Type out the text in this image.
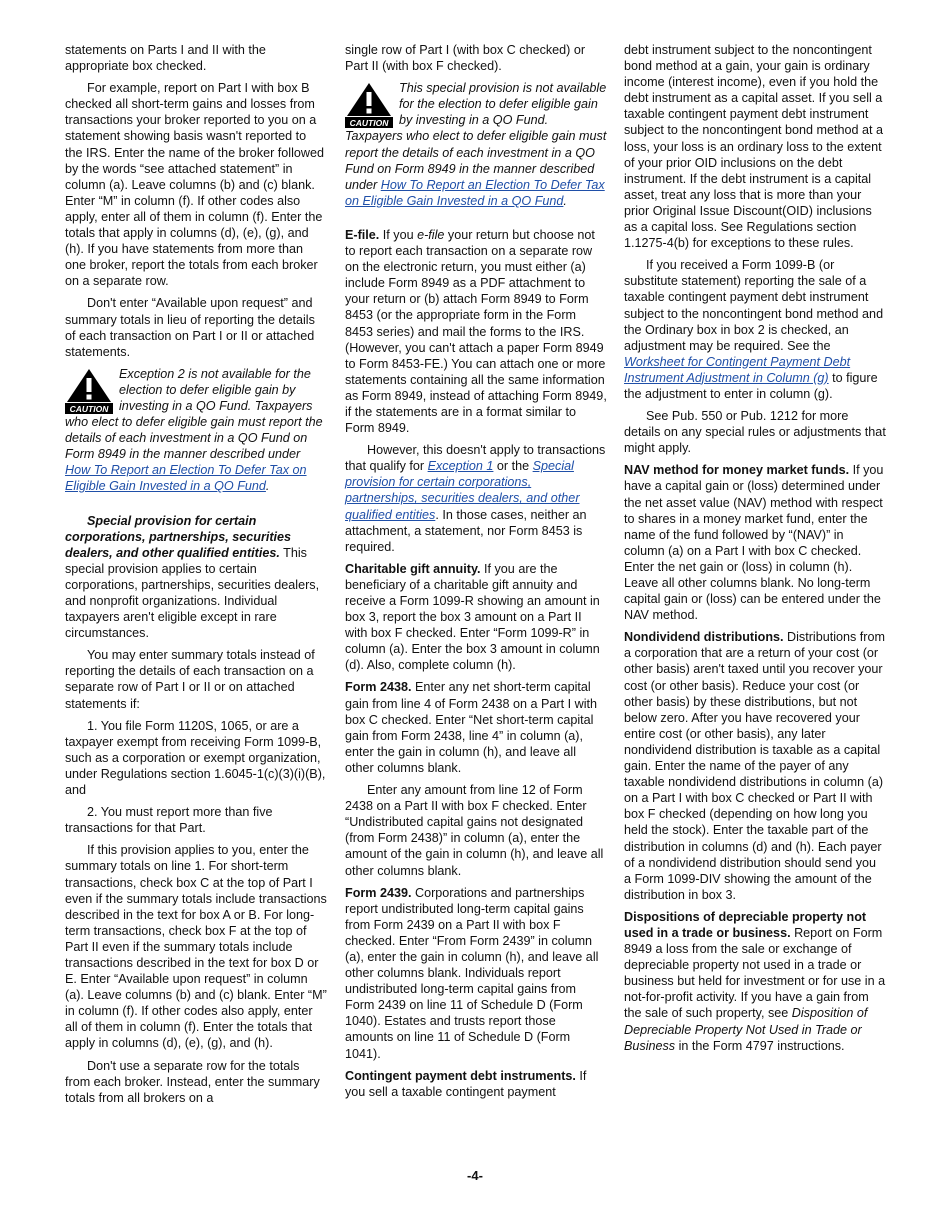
statements on Parts I and II with the appropriate box checked.

For example, report on Part I with box B checked all short-term gains and losses from transactions your broker reported to you on a statement showing basis wasn't reported to the IRS. Enter the name of the broker followed by the words “see attached statement” in column (a). Leave columns (b) and (c) blank. Enter “M” in column (f). If other codes also apply, enter all of them in column (f). Enter the totals that apply in columns (d), (e), (g), and (h). If you have statements from more than one broker, report the totals from each broker on a separate row.

Don't enter “Available upon request” and summary totals in lieu of reporting the details of each transaction on Part I or II or attached statements.

CAUTION
Exception 2 is not available for the election to defer eligible gain by investing in a QO Fund. Taxpayers who elect to defer eligible gain must report the details of each investment in a QO Fund on Form 8949 in the manner described under How To Report an Election To Defer Tax on Eligible Gain Invested in a QO Fund.

Special provision for certain corporations, partnerships, securities dealers, and other qualified entities. This special provision applies to certain corporations, partnerships, securities dealers, and nonprofit organizations. Individual taxpayers aren't eligible except in rare circumstances.

You may enter summary totals instead of reporting the details of each transaction on a separate row of Part I or II or on attached statements if:

1. You file Form 1120S, 1065, or are a taxpayer exempt from receiving Form 1099-B, such as a corporation or exempt organization, under Regulations section 1.6045-1(c)(3)(i)(B), and

2. You must report more than five transactions for that Part.

If this provision applies to you, enter the summary totals on line 1. For short-term transactions, check box C at the top of Part I even if the summary totals include transactions described in the text for box A or B. For long-term transactions, check box F at the top of Part II even if the summary totals include transactions described in the text for box D or E. Enter “Available upon request” in column (a). Leave columns (b) and (c) blank. Enter “M” in column (f). If other codes also apply, enter all of them in column (f). Enter the totals that apply in columns (d), (e), (g), and (h).

Don't use a separate row for the totals from each broker. Instead, enter the summary totals from all brokers on a

single row of Part I (with box C checked) or Part II (with box F checked).

CAUTION
This special provision is not available for the election to defer eligible gain by investing in a QO Fund. Taxpayers who elect to defer eligible gain must report the details of each investment in a QO Fund on Form 8949 in the manner described under How To Report an Election To Defer Tax on Eligible Gain Invested in a QO Fund.

E-file. If you e-file your return but choose not to report each transaction on a separate row on the electronic return, you must either (a) include Form 8949 as a PDF attachment to your return or (b) attach Form 8949 to Form 8453 (or the appropriate form in the Form 8453 series) and mail the forms to the IRS. (However, you can't attach a paper Form 8949 to Form 8453-FE.) You can attach one or more statements containing all the same information as Form 8949, instead of attaching Form 8949, if the statements are in a format similar to Form 8949.

However, this doesn't apply to transactions that qualify for Exception 1 or the Special provision for certain corporations, partnerships, securities dealers, and other qualified entities. In those cases, neither an attachment, a statement, nor Form 8453 is required.

Charitable gift annuity. If you are the beneficiary of a charitable gift annuity and receive a Form 1099-R showing an amount in box 3, report the box 3 amount on a Part II with box F checked. Enter “Form 1099-R” in column (a). Enter the box 3 amount in column (d). Also, complete column (h).

Form 2438. Enter any net short-term capital gain from line 4 of Form 2438 on a Part I with box C checked. Enter “Net short-term capital gain from Form 2438, line 4” in column (a), enter the gain in column (h), and leave all other columns blank.

Enter any amount from line 12 of Form 2438 on a Part II with box F checked. Enter “Undistributed capital gains not designated (from Form 2438)” in column (a), enter the amount of the gain in column (h), and leave all other columns blank.

Form 2439. Corporations and partnerships report undistributed long-term capital gains from Form 2439 on a Part II with box F checked. Enter “From Form 2439” in column (a), enter the gain in column (h), and leave all other columns blank. Individuals report undistributed long-term capital gains from Form 2439 on line 11 of Schedule D (Form 1040). Estates and trusts report those amounts on line 11 of Schedule D (Form 1041).

Contingent payment debt instruments. If you sell a taxable contingent payment

debt instrument subject to the noncontingent bond method at a gain, your gain is ordinary income (interest income), even if you hold the debt instrument as a capital asset. If you sell a taxable contingent payment debt instrument subject to the noncontingent bond method at a loss, your loss is an ordinary loss to the extent of your prior OID inclusions on the debt instrument. If the debt instrument is a capital asset, treat any loss that is more than your prior Original Issue Discount(OID) inclusions as a capital loss. See Regulations section 1.1275-4(b) for exceptions to these rules.

If you received a Form 1099-B (or substitute statement) reporting the sale of a taxable contingent payment debt instrument subject to the noncontingent bond method and the Ordinary box in box 2 is checked, an adjustment may be required. See the Worksheet for Contingent Payment Debt Instrument Adjustment in Column (g) to figure the adjustment to enter in column (g).

See Pub. 550 or Pub. 1212 for more details on any special rules or adjustments that might apply.

NAV method for money market funds. If you have a capital gain or (loss) determined under the net asset value (NAV) method with respect to shares in a money market fund, enter the name of the fund followed by “(NAV)” in column (a) on a Part I with box C checked. Enter the net gain or (loss) in column (h). Leave all other columns blank. No long-term capital gain or (loss) can be entered under the NAV method.

Nondividend distributions. Distributions from a corporation that are a return of your cost (or other basis) aren't taxed until you recover your cost (or other basis). Reduce your cost (or other basis) by these distributions, but not below zero. After you have recovered your entire cost (or other basis), any later nondividend distribution is taxable as a capital gain. Enter the name of the payer of any taxable nondividend distributions in column (a) on a Part I with box C checked or Part II with box F checked (depending on how long you held the stock). Enter the taxable part of the distribution in columns (d) and (h). Each payer of a nondividend distribution should send you a Form 1099-DIV showing the amount of the distribution in box 3.

Dispositions of depreciable property not used in a trade or business. Report on Form 8949 a loss from the sale or exchange of depreciable property not used in a trade or business but held for investment or for use in a not-for-profit activity. If you have a gain from the sale of such property, see Disposition of Depreciable Property Not Used in Trade or Business in the Form 4797 instructions.

-4-
